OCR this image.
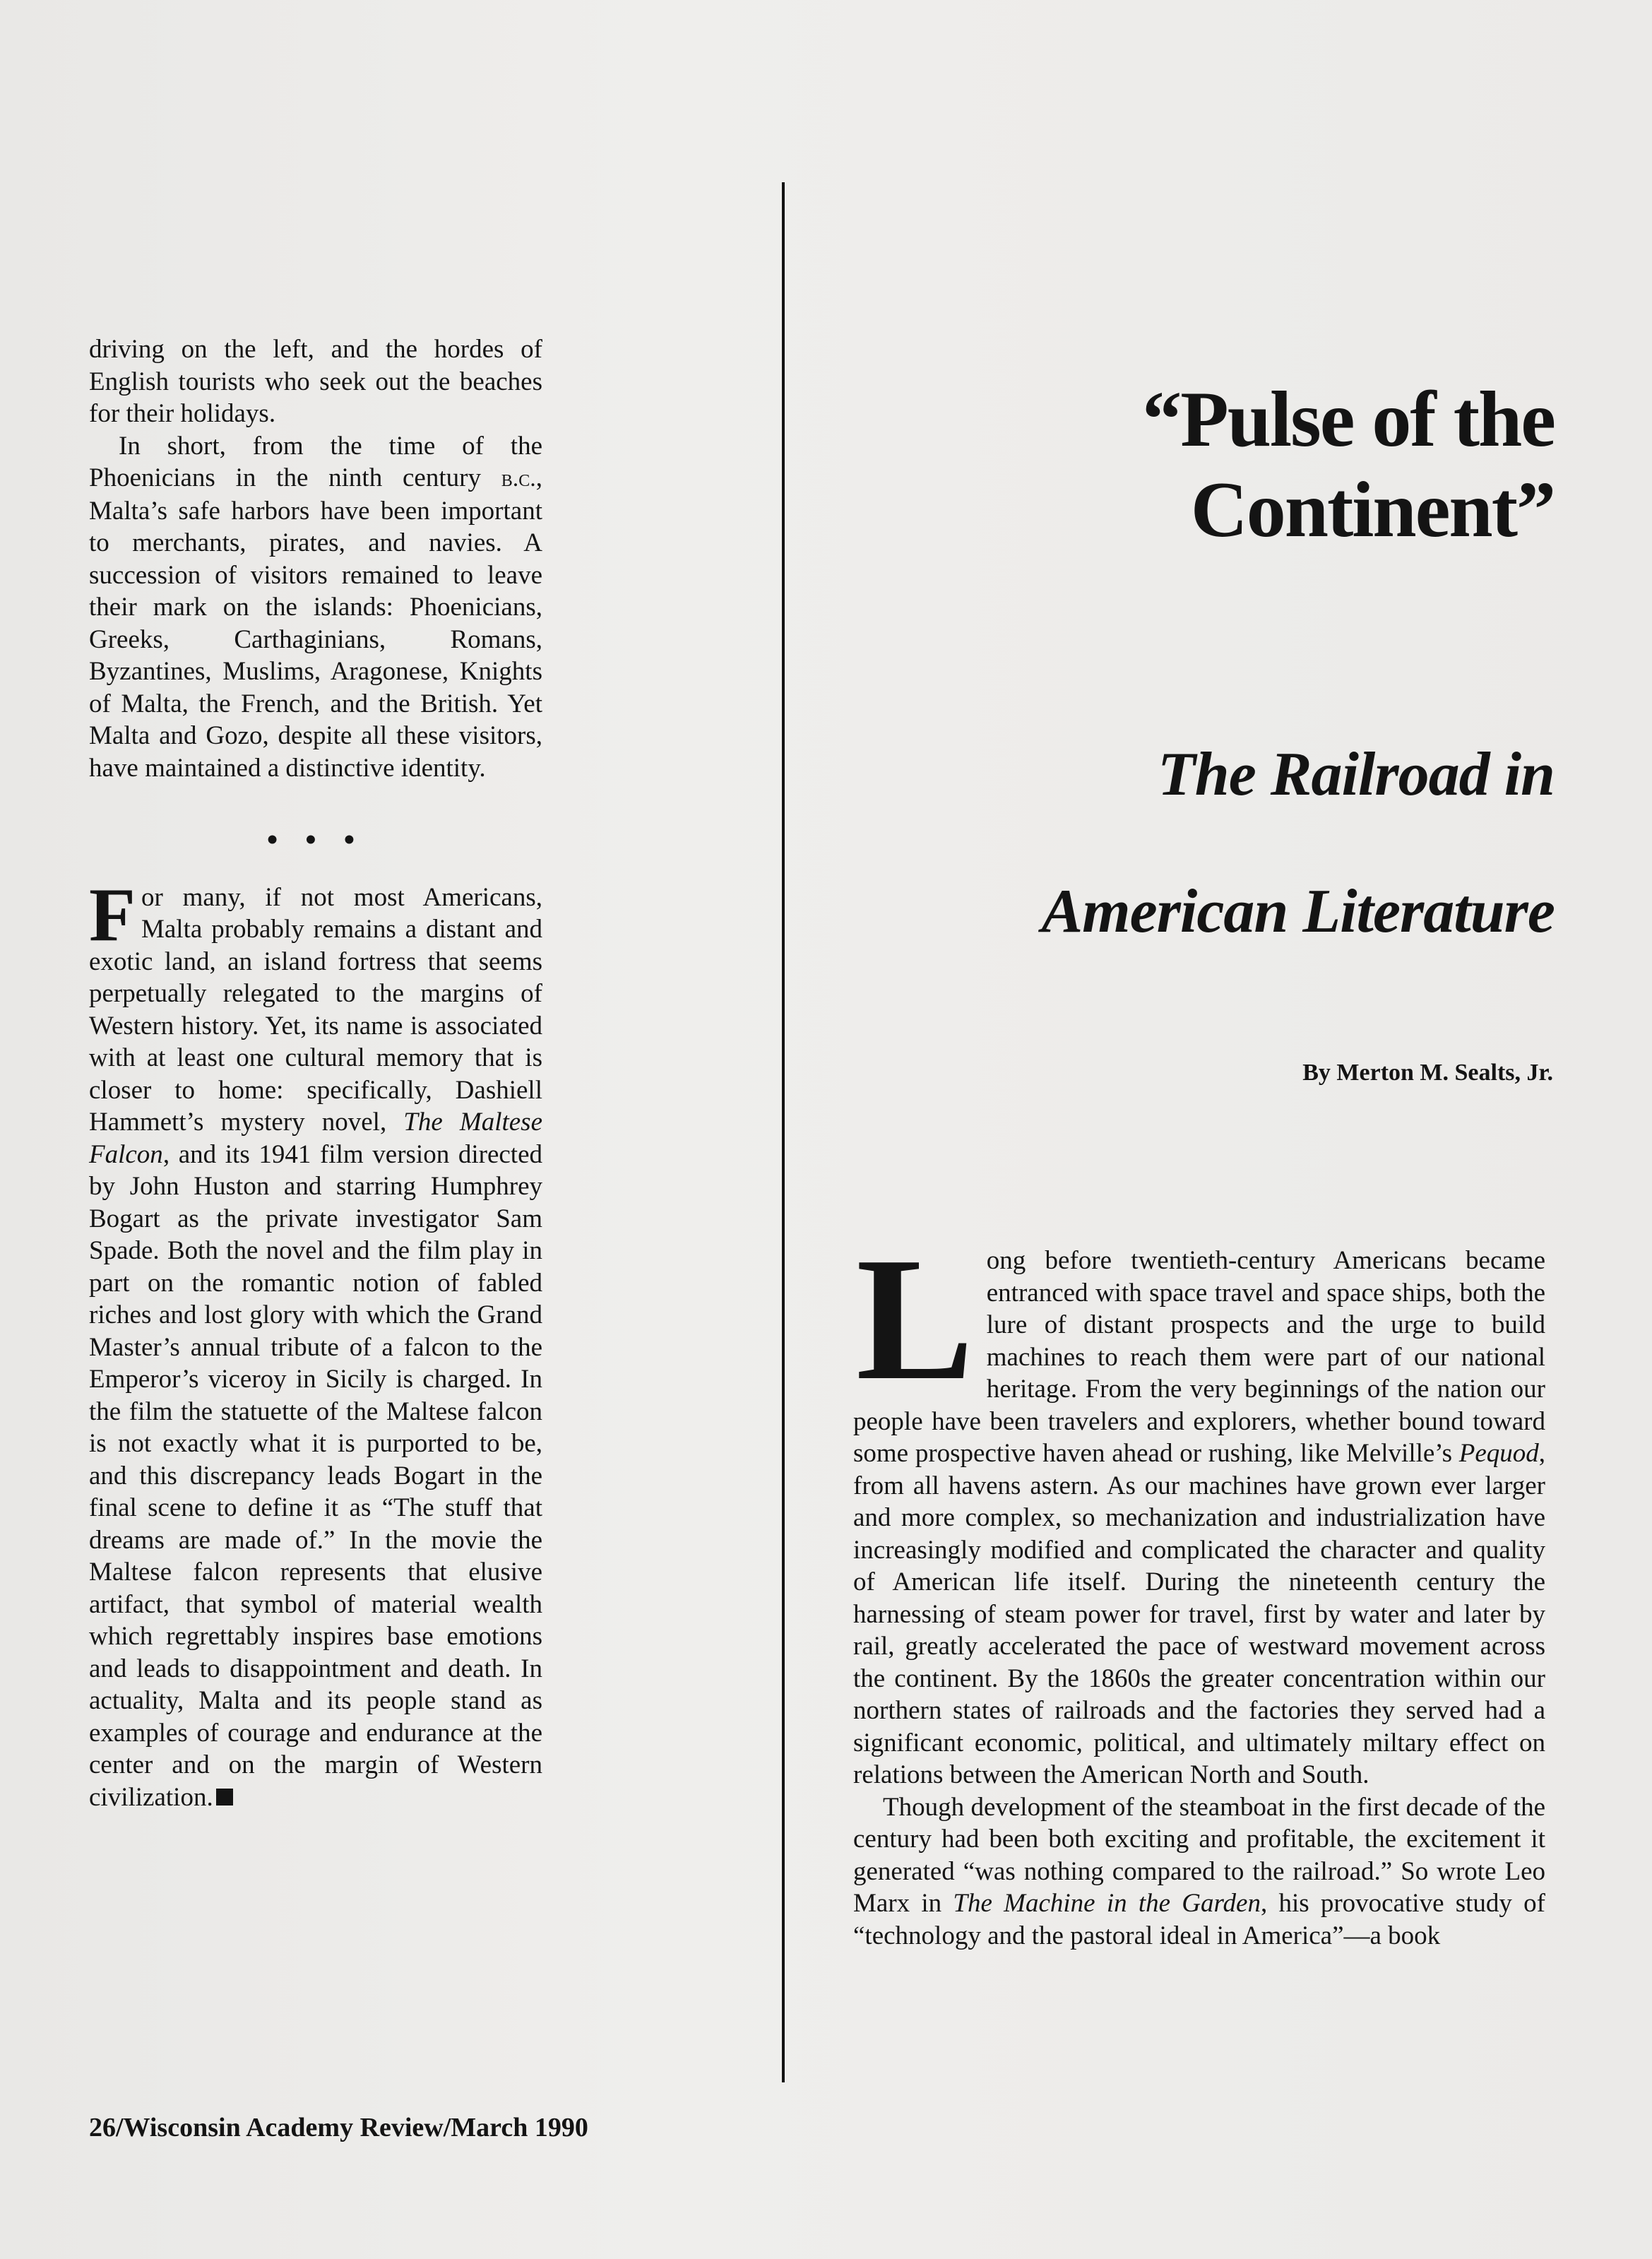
driving on the left, and the hordes of English tourists who seek out the beaches for their holidays.

In short, from the time of the Phoenicians in the ninth century b.c., Malta’s safe harbors have been important to merchants, pirates, and navies. A succession of visitors remained to leave their mark on the islands: Phoenicians, Greeks, Carthaginians, Romans, Byzantines, Muslims, Aragonese, Knights of Malta, the French, and the British. Yet Malta and Gozo, despite all these visitors, have maintained a distinctive identity.

• • •

For many, if not most Americans, Malta probably remains a distant and exotic land, an island fortress that seems perpetually relegated to the margins of Western history. Yet, its name is associated with at least one cultural memory that is closer to home: specifically, Dashiell Hammett’s mystery novel, The Maltese Falcon, and its 1941 film version directed by John Huston and starring Humphrey Bogart as the private investigator Sam Spade. Both the novel and the film play in part on the romantic notion of fabled riches and lost glory with which the Grand Master’s annual tribute of a falcon to the Emperor’s viceroy in Sicily is charged. In the film the statuette of the Maltese falcon is not exactly what it is purported to be, and this discrepancy leads Bogart in the final scene to define it as “The stuff that dreams are made of.” In the movie the Maltese falcon represents that elusive artifact, that symbol of material wealth which regrettably inspires base emotions and leads to disappointment and death. In actuality, Malta and its people stand as examples of courage and endurance at the center and on the margin of Western civilization.

“Pulse of the Continent”
The Railroad in American Literature

By Merton M. Sealts, Jr.

Long before twentieth-century Americans became entranced with space travel and space ships, both the lure of distant prospects and the urge to build machines to reach them were part of our national heritage. From the very beginnings of the nation our people have been travelers and explorers, whether bound toward some prospective haven ahead or rushing, like Melville’s Pequod, from all havens astern. As our machines have grown ever larger and more complex, so mechanization and industrialization have increasingly modified and complicated the character and quality of American life itself. During the nineteenth century the harnessing of steam power for travel, first by water and later by rail, greatly accelerated the pace of westward movement across the continent. By the 1860s the greater concentration within our northern states of railroads and the factories they served had a significant economic, political, and ultimately miltary effect on relations between the American North and South.

Though development of the steamboat in the first decade of the century had been both exciting and profitable, the excitement it generated “was nothing compared to the railroad.” So wrote Leo Marx in The Machine in the Garden, his provocative study of “technology and the pastoral ideal in America”—a book

26/Wisconsin Academy Review/March 1990
